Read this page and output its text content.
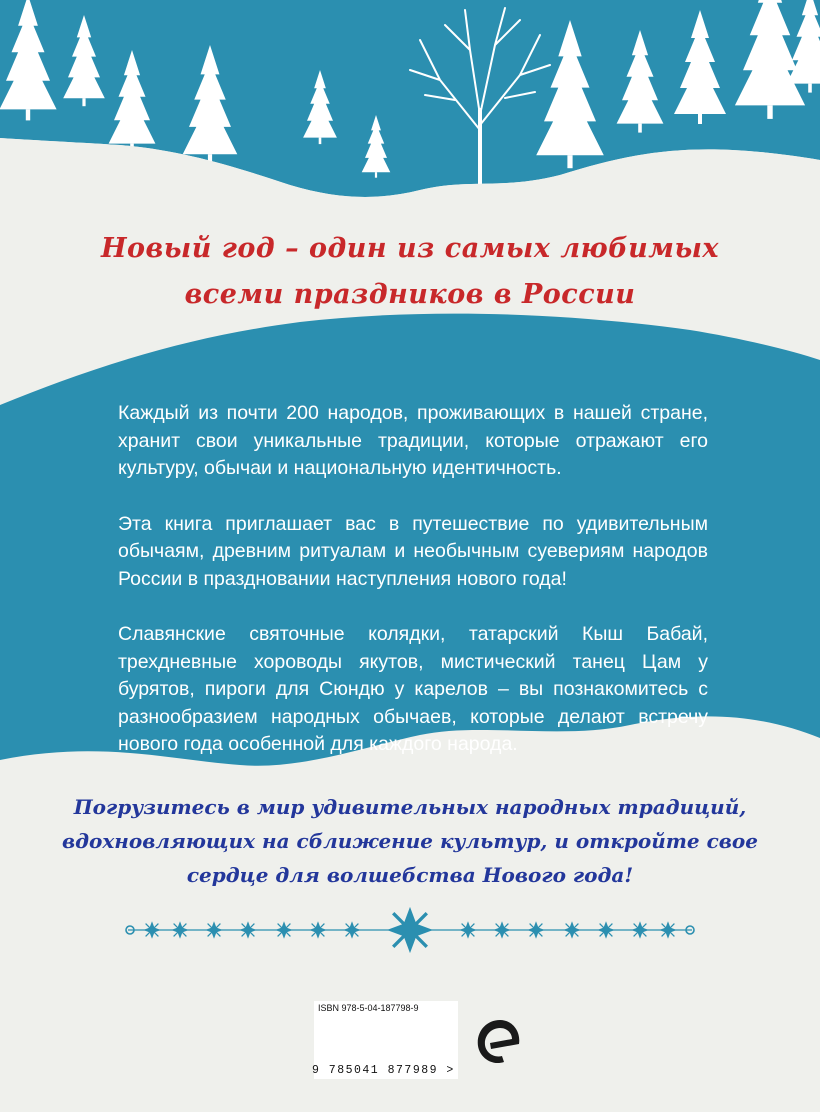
Новый год – один из самых любимых
всеми праздников в России

Каждый из почти 200 народов, проживающих в нашей стране, хранит свои уникальные традиции, которые отражают его культуру, обычаи и национальную идентичность.

Эта книга приглашает вас в путешествие по удивительным обычаям, древним ритуалам и необычным суевериям народов России в праздновании наступления нового года!

Славянские святочные колядки, татарский Кыш Бабай, трехдневные хороводы якутов, мистический танец Цам у бурятов, пироги для Сюндю у карелов – вы познакомитесь с разнообразием народных обычаев, которые делают встречу нового года особенной для каждого народа.

Погрузитесь в мир удивительных народных традиций,
вдохновляющих на сближение культур, и откройте свое
сердце для волшебства Нового года!
ISBN 978-5-04-187798-9
9 785041 877989 >
